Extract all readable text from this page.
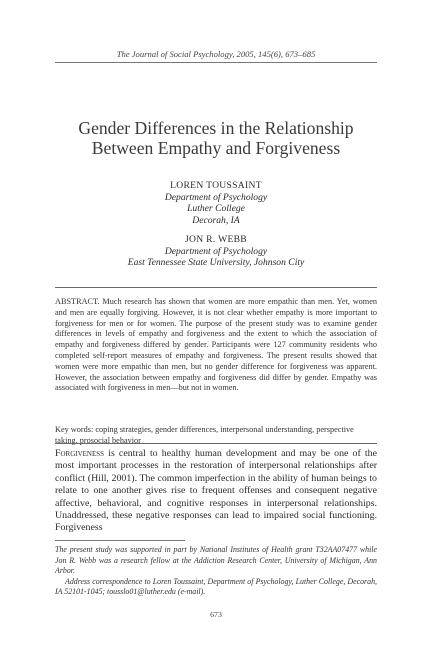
The Journal of Social Psychology, 2005, 145(6), 673–685
Gender Differences in the Relationship
Between Empathy and Forgiveness
LOREN TOUSSAINT
Department of Psychology
Luther College
Decorah, IA
JON R. WEBB
Department of Psychology
East Tennessee State University, Johnson City

ABSTRACT. Much research has shown that women are more empathic than men. Yet, women and men are equally forgiving. However, it is not clear whether empathy is more important to forgiveness for men or for women. The purpose of the present study was to examine gender differences in levels of empathy and forgiveness and the extent to which the association of empathy and forgiveness differed by gender. Participants were 127 community residents who completed self-report measures of empathy and forgiveness. The present results showed that women were more empathic than men, but no gender difference for forgiveness was apparent. However, the association between empathy and forgiveness did differ by gender. Empathy was associated with forgiveness in men—but not in women.

Key words: coping strategies, gender differences, interpersonal understanding, perspective taking, prosocial behavior

Forgiveness is central to healthy human development and may be one of the most important processes in the restoration of interpersonal relationships after conflict (Hill, 2001). The common imperfection in the ability of human beings to relate to one another gives rise to frequent offenses and consequent negative affective, behavioral, and cognitive responses in interpersonal relationships. Unaddressed, these negative responses can lead to impaired social functioning. Forgiveness

The present study was supported in part by National Institutes of Health grant T32AA07477 while Jon R. Webb was a research fellow at the Addiction Research Center, University of Michigan, Ann Arbor.

Address correspondence to Loren Toussaint, Department of Psychology, Luther College, Decorah, IA 52101-1045; tousslo01@luther.edu (e-mail).

673
